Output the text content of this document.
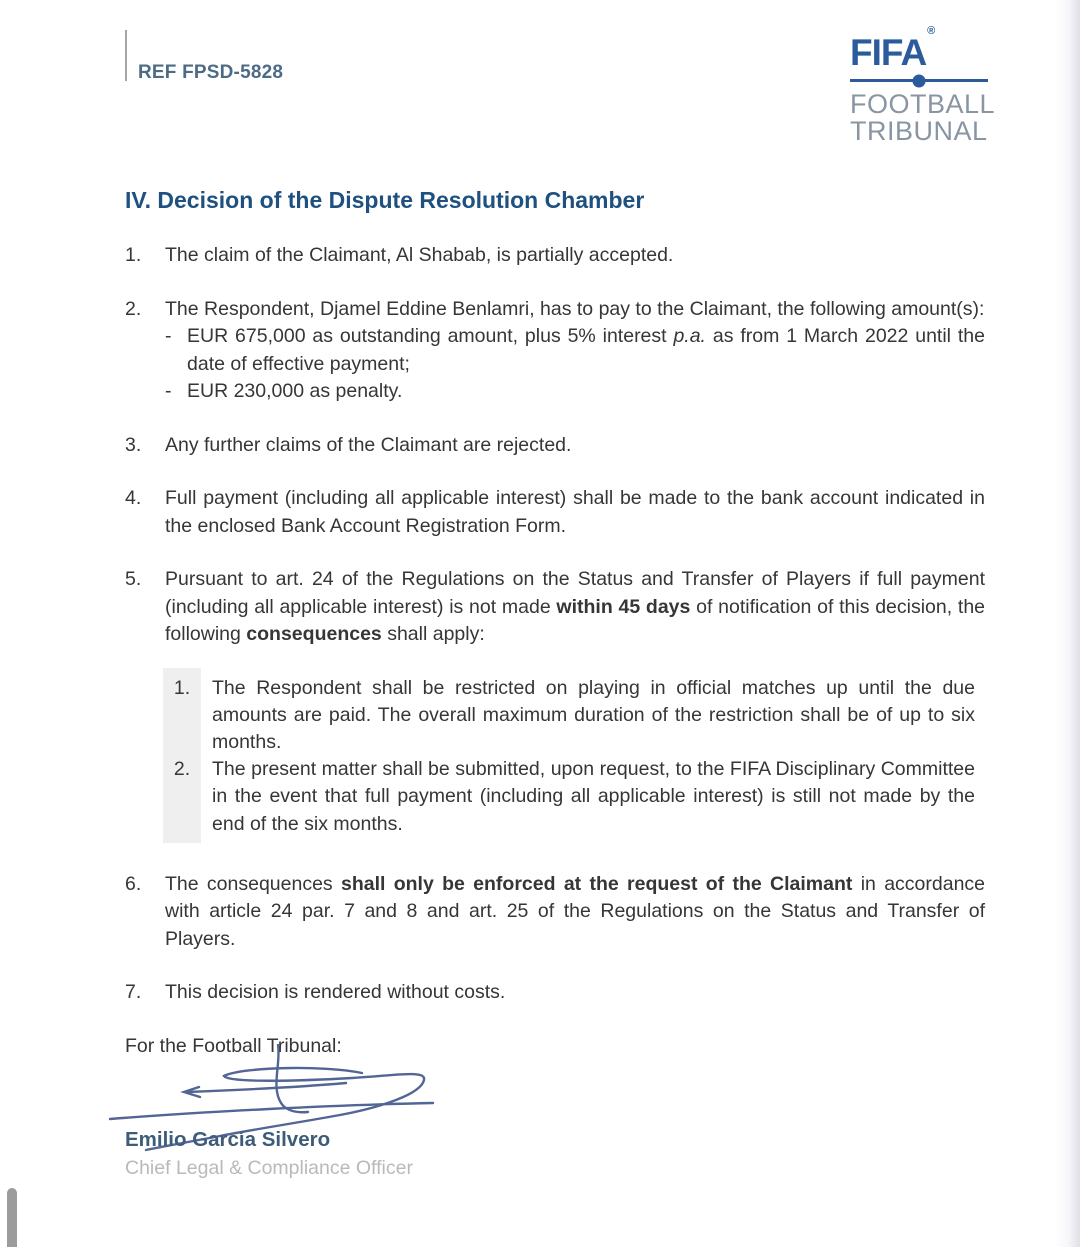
REF FPSD-5828	FIFA®
FOOTBALL
TRIBUNAL
IV. Decision of the Dispute Resolution Chamber
1.	The claim of the Claimant, Al Shabab, is partially accepted.
2.	The Respondent, Djamel Eddine Benlamri, has to pay to the Claimant, the following amount(s):
- EUR 675,000 as outstanding amount, plus 5% interest p.a. as from 1 March 2022 until the date of effective payment;
- EUR 230,000 as penalty.
3.	Any further claims of the Claimant are rejected.
4.	Full payment (including all applicable interest) shall be made to the bank account indicated in the enclosed Bank Account Registration Form.
5.	Pursuant to art. 24 of the Regulations on the Status and Transfer of Players if full payment (including all applicable interest) is not made within 45 days of notification of this decision, the following consequences shall apply:
1.	The Respondent shall be restricted on playing in official matches up until the due amounts are paid. The overall maximum duration of the restriction shall be of up to six months.
2.	The present matter shall be submitted, upon request, to the FIFA Disciplinary Committee in the event that full payment (including all applicable interest) is still not made by the end of the six months.
6.	The consequences shall only be enforced at the request of the Claimant in accordance with article 24 par. 7 and 8 and art. 25 of the Regulations on the Status and Transfer of Players.
7.	This decision is rendered without costs.

For the Football Tribunal:

Emilio García Silvero
Chief Legal & Compliance Officer
